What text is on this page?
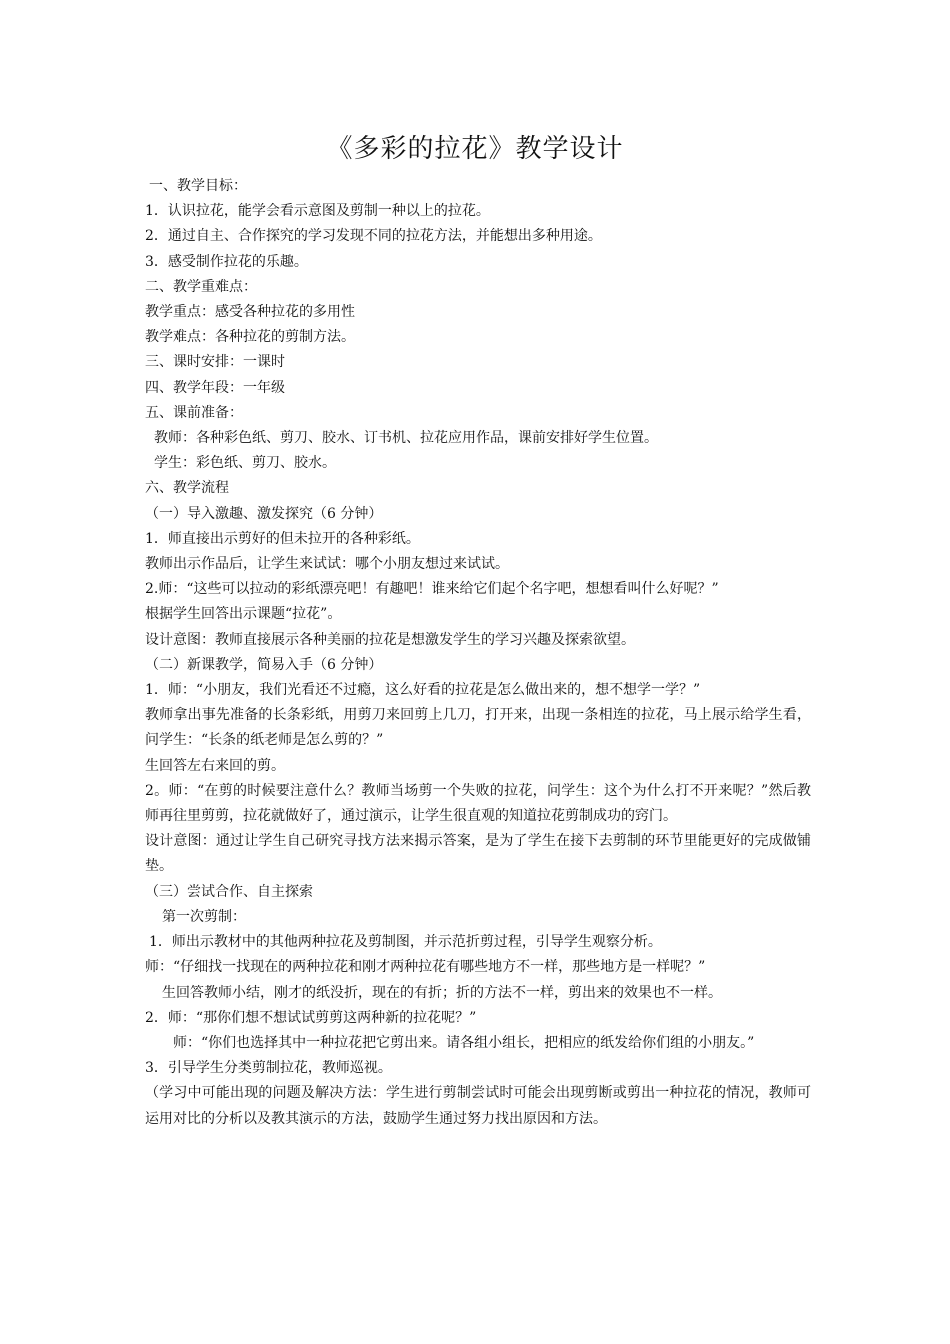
《多彩的拉花》教学设计

一、教学目标：

1．认识拉花，能学会看示意图及剪制一种以上的拉花。

2．通过自主、合作探究的学习发现不同的拉花方法，并能想出多种用途。

3．感受制作拉花的乐趣。

二、教学重难点：

教学重点：感受各种拉花的多用性

教学难点：各种拉花的剪制方法。

三、课时安排：一课时

四、教学年段：一年级

五、课前准备：

教师：各种彩色纸、剪刀、胶水、订书机、拉花应用作品，课前安排好学生位置。

学生：彩色纸、剪刀、胶水。

六、教学流程

（一）导入激趣、激发探究（6 分钟）

1．师直接出示剪好的但未拉开的各种彩纸。

教师出示作品后，让学生来试试：哪个小朋友想过来试试。

2.师：“这些可以拉动的彩纸漂亮吧！有趣吧！谁来给它们起个名字吧，想想看叫什么好呢？”

根据学生回答出示课题“拉花”。

设计意图：教师直接展示各种美丽的拉花是想激发学生的学习兴趣及探索欲望。

（二）新课教学，简易入手（6 分钟）

1．师：“小朋友，我们光看还不过瘾，这么好看的拉花是怎么做出来的，想不想学一学？”

教师拿出事先准备的长条彩纸，用剪刀来回剪上几刀，打开来，出现一条相连的拉花，马上展示给学生看，问学生：“长条的纸老师是怎么剪的？”

生回答左右来回的剪。

2。师：“在剪的时候要注意什么？教师当场剪一个失败的拉花，问学生：这个为什么打不开来呢？”然后教师再往里剪剪，拉花就做好了，通过演示，让学生很直观的知道拉花剪制成功的窍门。

设计意图：通过让学生自己研究寻找方法来揭示答案，是为了学生在接下去剪制的环节里能更好的完成做铺垫。

（三）尝试合作、自主探索

第一次剪制：

1．师出示教材中的其他两种拉花及剪制图，并示范折剪过程，引导学生观察分析。

师：“仔细找一找现在的两种拉花和刚才两种拉花有哪些地方不一样，那些地方是一样呢？”

生回答教师小结，刚才的纸没折，现在的有折；折的方法不一样，剪出来的效果也不一样。

2．师：“那你们想不想试试剪剪这两种新的拉花呢？”

师：“你们也选择其中一种拉花把它剪出来。请各组小组长，把相应的纸发给你们组的小朋友。”

3．引导学生分类剪制拉花，教师巡视。

（学习中可能出现的问题及解决方法：学生进行剪制尝试时可能会出现剪断或剪出一种拉花的情况，教师可运用对比的分析以及教其演示的方法，鼓励学生通过努力找出原因和方法。
